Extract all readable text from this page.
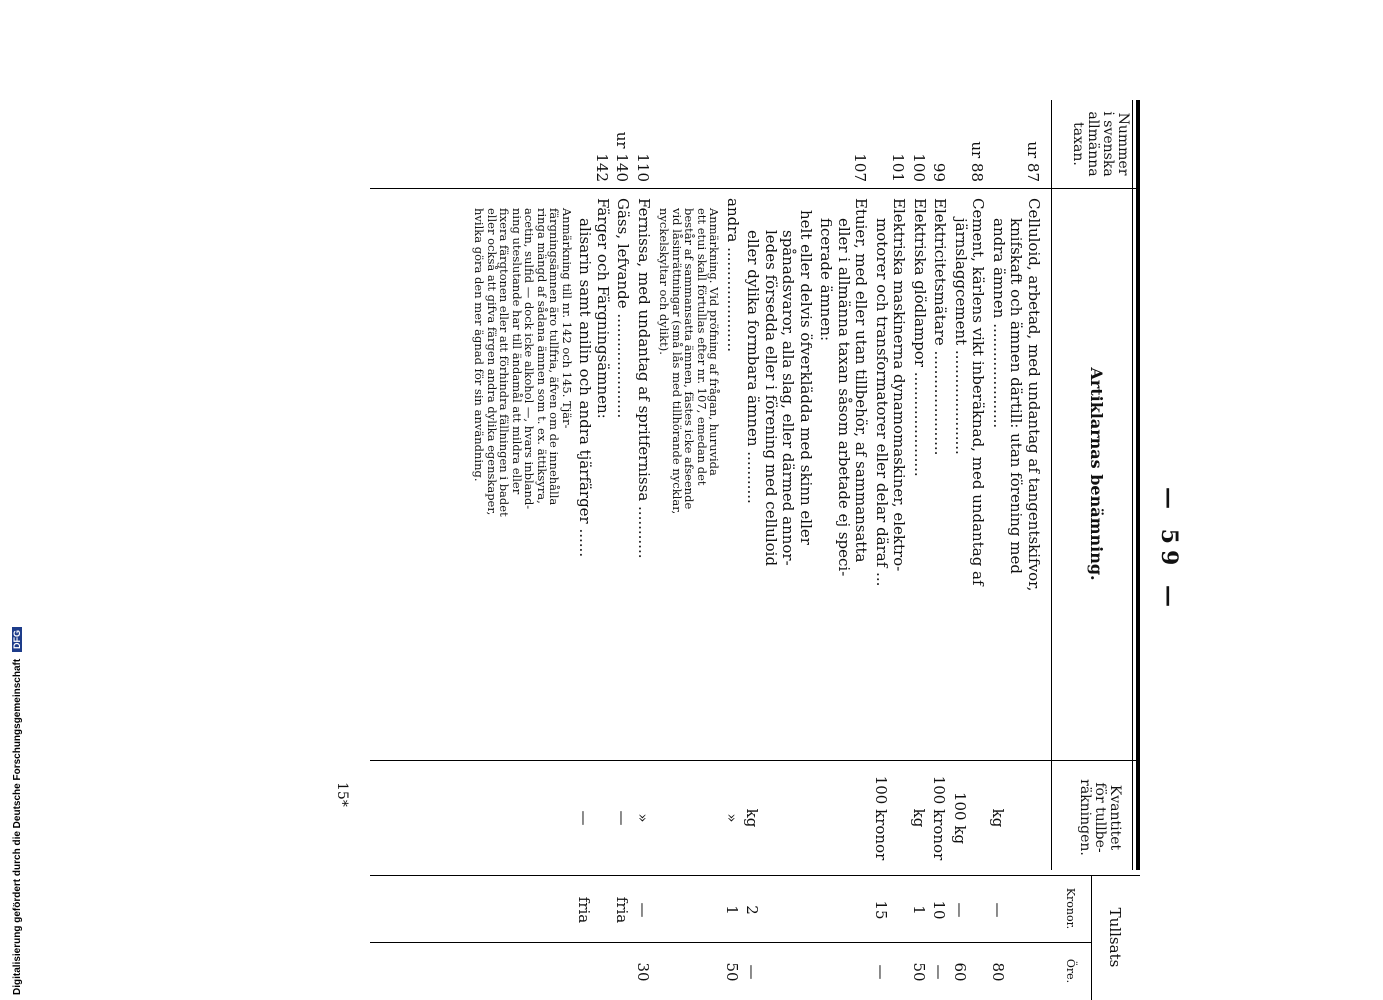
— 59 —
Nummer
i svenska
allmänna
taxan.
Artiklarnas benämning.
Kvantitet
för tullbe-
räkningen.
Tullsats
Kronor.
Öre.
ur 87
Celluloid, arbetad, med undantag af tangentskifvor,
knifskaft och ämnen därtill: utan förening med
andra ämnen ......................
kg
—
80
ur 88
Cement, kärlens vikt inberäknad, med undantag af
järnslaggcement ......................
100 kg
—
60
99
Elektricitetsmätare ......................
100 kronor
10
—
100
Elektriska glödlampor ......................
kg
1
50
101
Elektriska maskinerna dynamomaskiner, elektro-
motorer och transformatorer eller delar däraf ...
100 kronor
15
—
107
Etuier, med eller utan tillbehör, af sammansatta
eller i allmänna taxan såsom arbetade ej speci-
ficerade ämnen:
helt eller delvis öfverklädda med skinn eller
spånadsvaror, alla slag, eller därmed annor-
ledes försedda eller i förening med celluloid
eller dylika formbara ämnen ...........
kg
2
—
andra ......................
»
1
50
Anmärkning. Vid pröfning af frågan, huruvida
ett etui skall förtullas efter nr. 107, emedan det
består af sammansatta ämnen, fästes icke afseende
vid låsinrättningar (små lås med tillhörande nycklar,
nyckelskyltar och dylikt).
110
Fernissa, med undantag af spritfernissa ...........
»
—
30
ur 140
Gäss, lefvande ......................
—
fria
142
Färger och Färgningsämnen:
alisarin samt anilin och andra tjärfärger ......
—
fria
Anmärkning till nr. 142 och 145. Tjär-
färgningsämnen äro tullfria, äfven om de innehålla
ringa mängd af sådana ämnen som t. ex. ättiksyra,
acetin, sulfid — dock icke alkohol —, hvars inbland-
ning uteslutande har till ändamål att mildra eller
fixera färgtonen eller att förhindra fällningen i badet
eller också att gifva färgen andra dylika egenskaper,
hvilka göra den mer ägnad för sin användning.
15*
Digitalisierung gefördert durch die Deutsche Forschungsgemeinschaft DFG
